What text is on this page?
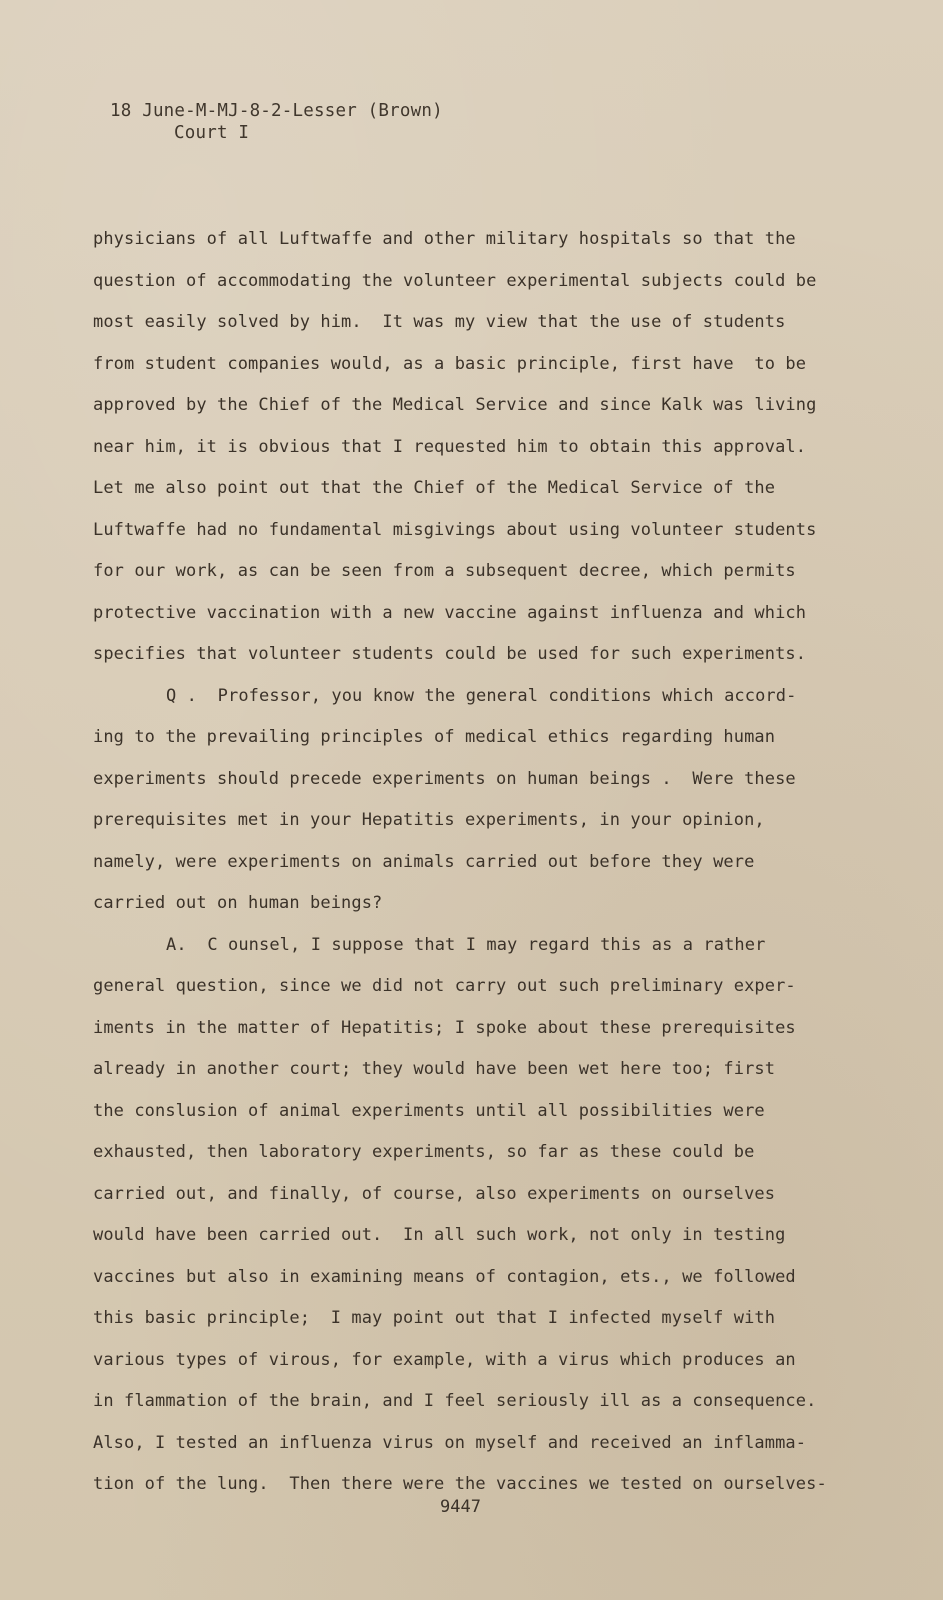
18 June-M-MJ-8-2-Lesser (Brown)
Court I
physicians of all Luftwaffe and other military hospitals so that the
question of accommodating the volunteer experimental subjects could be
most easily solved by him.  It was my view that the use of students
from student companies would, as a basic principle, first have  to be
approved by the Chief of the Medical Service and since Kalk was living
near him, it is obvious that I requested him to obtain this approval.
Let me also point out that the Chief of the Medical Service of the
Luftwaffe had no fundamental misgivings about using volunteer students
for our work, as can be seen from a subsequent decree, which permits
protective vaccination with a new vaccine against influenza and which
specifies that volunteer students could be used for such experiments.
Q .  Professor, you know the general conditions which accord-
ing to the prevailing principles of medical ethics regarding human
experiments should precede experiments on human beings .  Were these
prerequisites met in your Hepatitis experiments, in your opinion,
namely, were experiments on animals carried out before they were
carried out on human beings?
A.  C ounsel, I suppose that I may regard this as a rather
general question, since we did not carry out such preliminary exper-
iments in the matter of Hepatitis; I spoke about these prerequisites
already in another court; they would have been wet here too; first
the conslusion of animal experiments until all possibilities were
exhausted, then laboratory experiments, so far as these could be
carried out, and finally, of course, also experiments on ourselves
would have been carried out.  In all such work, not only in testing
vaccines but also in examining means of contagion, ets., we followed
this basic principle;  I may point out that I infected myself with
various types of virous, for example, with a virus which produces an
in flammation of the brain, and I feel seriously ill as a consequence.
Also, I tested an influenza virus on myself and received an inflamma-
tion of the lung.  Then there were the vaccines we tested on ourselves-
9447
